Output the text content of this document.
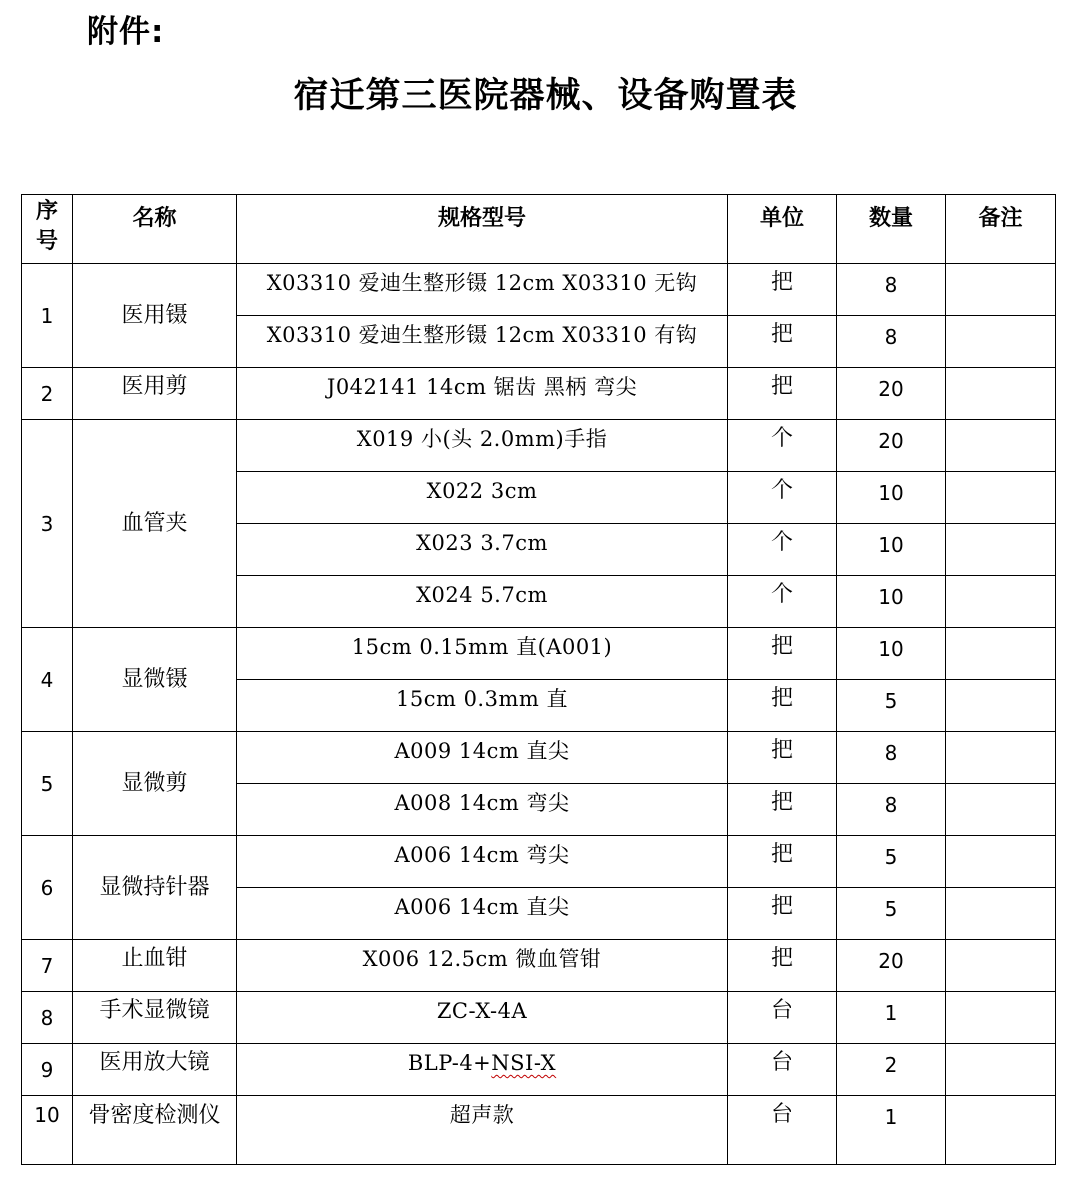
附件:
宿迁第三医院器械、设备购置表
序号	名称	规格型号	单位	数量	备注
1	医用镊	X03310 爱迪生整形镊 12cm X03310 无钩	把	8	
		X03310 爱迪生整形镊 12cm X03310 有钩	把	8	
2	医用剪	J042141 14cm 锯齿 黑柄 弯尖	把	20	
3	血管夹	X019 小(头 2.0mm)手指	个	20	
		X022 3cm	个	10	
		X023 3.7cm	个	10	
		X024 5.7cm	个	10	
4	显微镊	15cm 0.15mm 直(A001)	把	10	
		15cm 0.3mm 直	把	5	
5	显微剪	A009 14cm 直尖	把	8	
		A008 14cm 弯尖	把	8	
6	显微持针器	A006 14cm 弯尖	把	5	
		A006 14cm 直尖	把	5	
7	止血钳	X006 12.5cm 微血管钳	把	20	
8	手术显微镜	ZC-X-4A	台	1	
9	医用放大镜	BLP-4+NSI-X	台	2	
10	骨密度检测仪	超声款	台	1	
